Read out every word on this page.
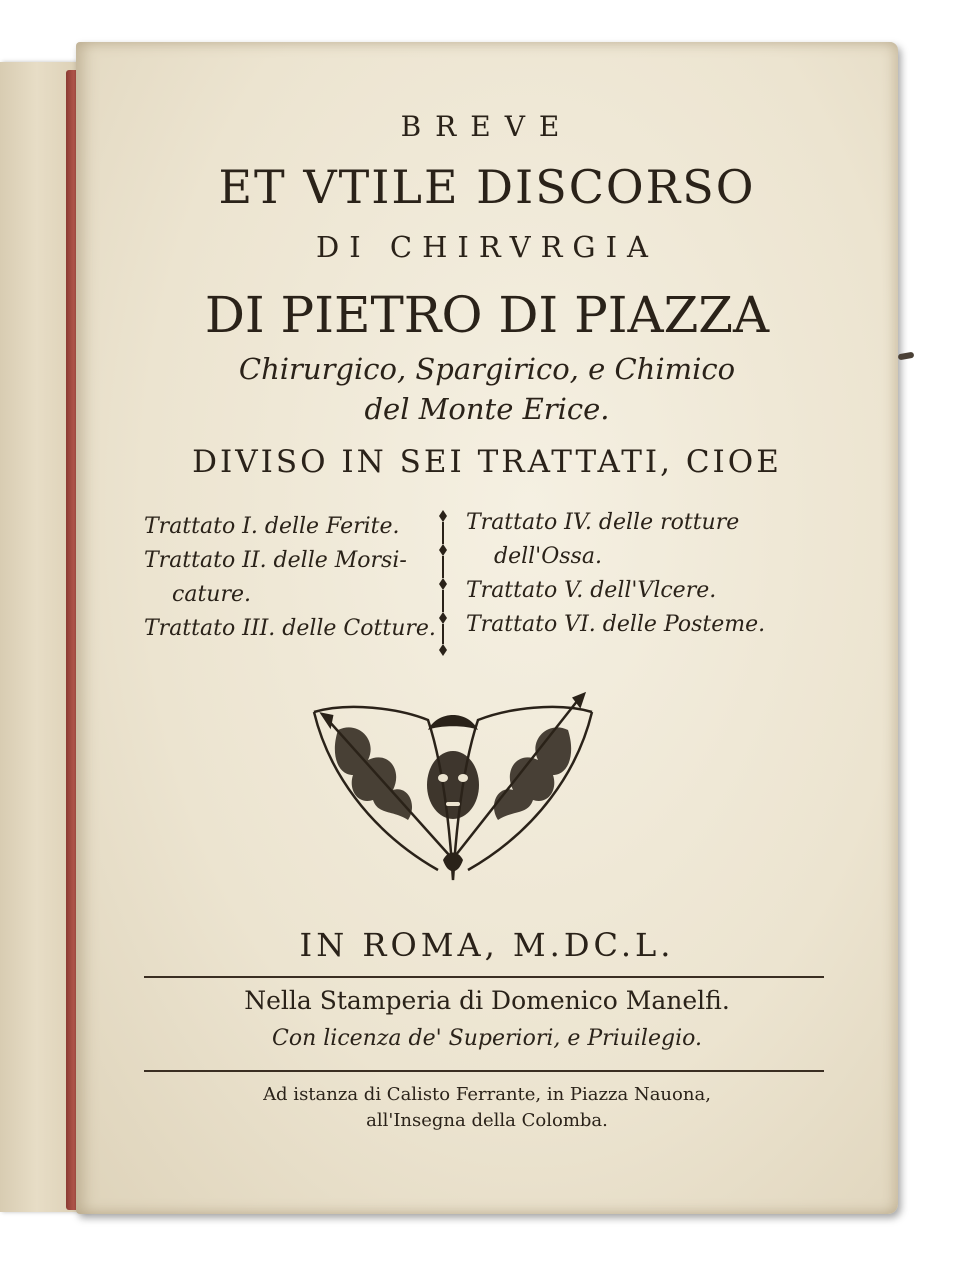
BREVE
ET VTILE DISCORSO
DI CHIRVRGIA
DI PIETRO DI PIAZZA
Chirurgico, Spargirico, e Chimico
del Monte Erice.
DIVISO IN SEI TRATTATI, CIOE
Trattato I. delle Ferite.
Trattato II. delle Morsi-
cature.
Trattato III. delle Cotture.
Trattato IV. delle rotture
dell'Ossa.
Trattato V. dell'Vlcere.
Trattato VI. delle Posteme.
IN ROMA, M.DC.L.
Nella Stamperia di Domenico Manelfi.
Con licenza de' Superiori, e Priuilegio.
Ad istanza di Calisto Ferrante, in Piazza Nauona,
all'Insegna della Colomba.
